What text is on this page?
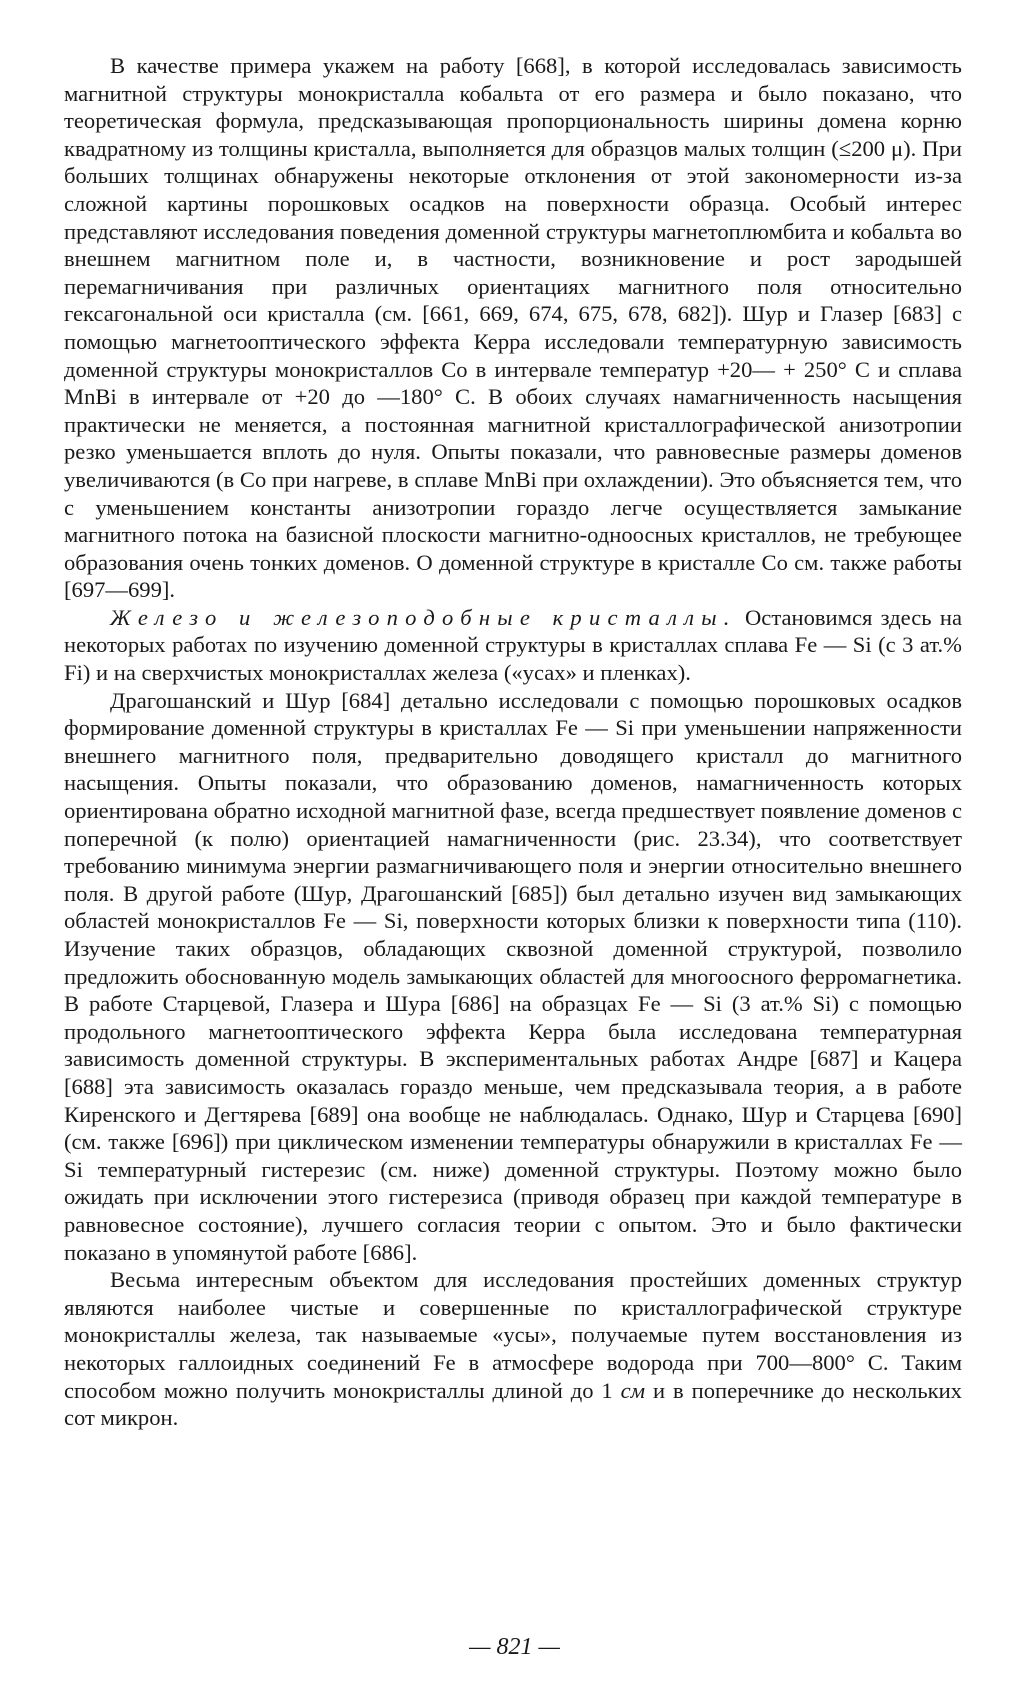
В качестве примера укажем на работу [668], в которой исследовалась зависимость магнитной структуры монокристалла кобальта от его размера и было показано, что теоретическая формула, предсказывающая пропорциональность ширины домена корню квадратному из толщины кристалла, выполняется для образцов малых толщин (≤200 μ). При больших толщинах обнаружены некоторые отклонения от этой закономерности из-за сложной картины порошковых осадков на поверхности образца. Особый интерес представляют исследования поведения доменной структуры магнетоплюмбита и кобальта во внешнем магнитном поле и, в частности, возникновение и рост зародышей перемагничивания при различных ориентациях магнитного поля относительно гексагональной оси кристалла (см. [661, 669, 674, 675, 678, 682]). Шур и Глазер [683] с помощью магнетооптического эффекта Керра исследовали температурную зависимость доменной структуры монокристаллов Co в интервале температур +20— + 250° C и сплава MnBi в интервале от +20 до —180° C. В обоих случаях намагниченность насыщения практически не меняется, а постоянная магнитной кристаллографической анизотропии резко уменьшается вплоть до нуля. Опыты показали, что равновесные размеры доменов увеличиваются (в Co при нагреве, в сплаве MnBi при охлаждении). Это объясняется тем, что с уменьшением константы анизотропии гораздо легче осуществляется замыкание магнитного потока на базисной плоскости магнитно-одноосных кристаллов, не требующее образования очень тонких доменов. О доменной структуре в кристалле Co см. также работы [697—699].

Железо и железоподобные кристаллы. Остановимся здесь на некоторых работах по изучению доменной структуры в кристаллах сплава Fe — Si (с 3 ат.% Fi) и на сверхчистых монокристаллах железа («усах» и пленках).

Драгошанский и Шур [684] детально исследовали с помощью порошковых осадков формирование доменной структуры в кристаллах Fe — Si при уменьшении напряженности внешнего магнитного поля, предварительно доводящего кристалл до магнитного насыщения. Опыты показали, что образованию доменов, намагниченность которых ориентирована обратно исходной магнитной фазе, всегда предшествует появление доменов с поперечной (к полю) ориентацией намагниченности (рис. 23.34), что соответствует требованию минимума энергии размагничивающего поля и энергии относительно внешнего поля. В другой работе (Шур, Драгошанский [685]) был детально изучен вид замыкающих областей монокристаллов Fe — Si, поверхности которых близки к поверхности типа (110). Изучение таких образцов, обладающих сквозной доменной структурой, позволило предложить обоснованную модель замыкающих областей для многоосного ферромагнетика. В работе Старцевой, Глазера и Шура [686] на образцах Fe — Si (3 ат.% Si) с помощью продольного магнетооптического эффекта Керра была исследована температурная зависимость доменной структуры. В экспериментальных работах Андре [687] и Кацера [688] эта зависимость оказалась гораздо меньше, чем предсказывала теория, а в работе Киренского и Дегтярева [689] она вообще не наблюдалась. Однако, Шур и Старцева [690] (см. также [696]) при циклическом изменении температуры обнаружили в кристаллах Fe — Si температурный гистерезис (см. ниже) доменной структуры. Поэтому можно было ожидать при исключении этого гистерезиса (приводя образец при каждой температуре в равновесное состояние), лучшего согласия теории с опытом. Это и было фактически показано в упомянутой работе [686].

Весьма интересным объектом для исследования простейших доменных структур являются наиболее чистые и совершенные по кристаллографической структуре монокристаллы железа, так называемые «усы», получаемые путем восстановления из некоторых галлоидных соединений Fe в атмосфере водорода при 700—800° C. Таким способом можно получить монокристаллы длиной до 1 см и в поперечнике до нескольких сот микрон.

— 821 —
